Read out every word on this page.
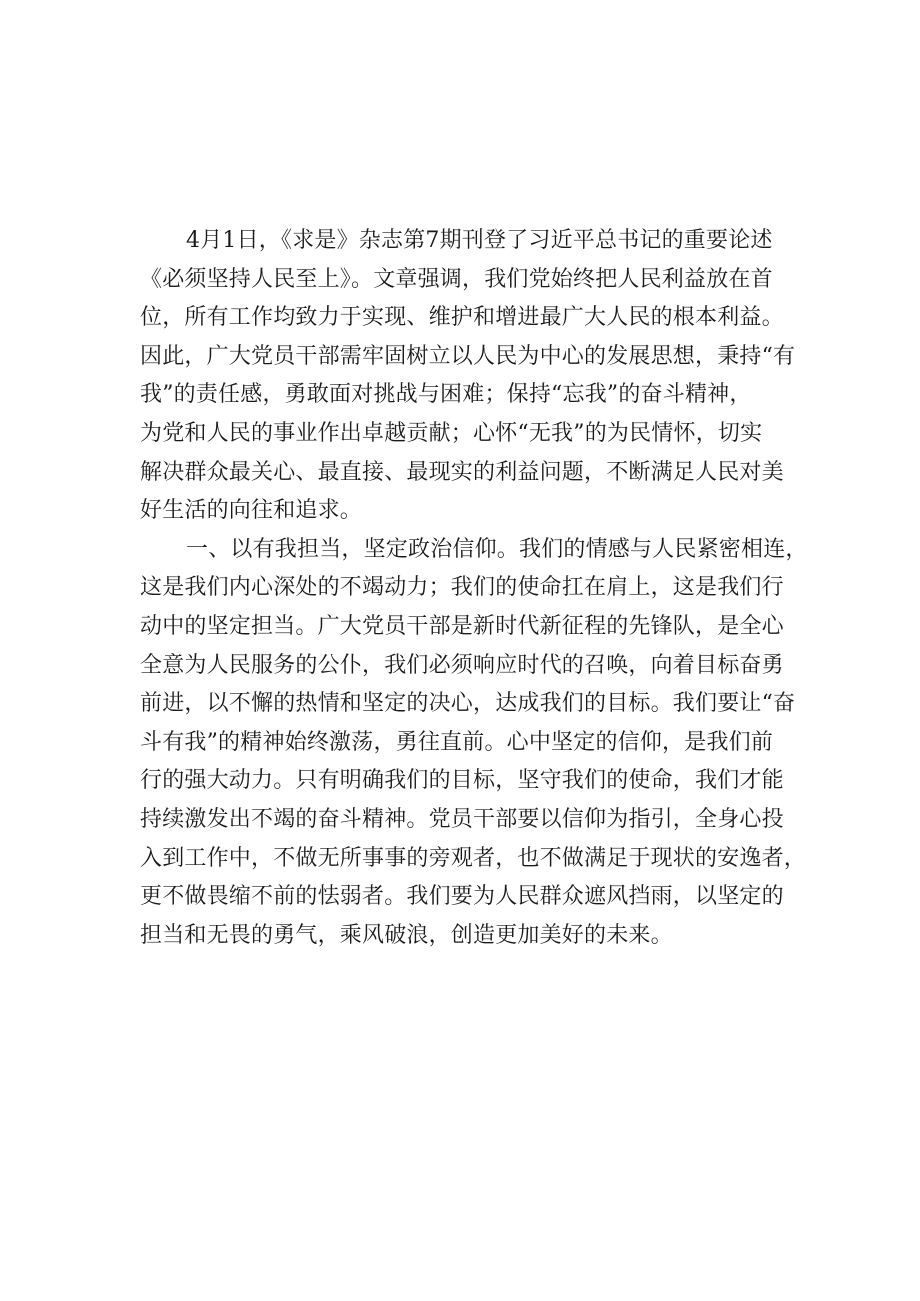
4月1日，《求是》杂志第7期刊登了习近平总书记的重要论述
《必须坚持人民至上》。文章强调，我们党始终把人民利益放在首
位，所有工作均致力于实现、维护和增进最广大人民的根本利益。
因此，广大党员干部需牢固树立以人民为中心的发展思想，秉持“有
我”的责任感，勇敢面对挑战与困难；保持“忘我”的奋斗精神，
为党和人民的事业作出卓越贡献；心怀“无我”的为民情怀，切实
解决群众最关心、最直接、最现实的利益问题，不断满足人民对美
好生活的向往和追求。
一、以有我担当，坚定政治信仰。我们的情感与人民紧密相连，
这是我们内心深处的不竭动力；我们的使命扛在肩上，这是我们行
动中的坚定担当。广大党员干部是新时代新征程的先锋队，是全心
全意为人民服务的公仆，我们必须响应时代的召唤，向着目标奋勇
前进，以不懈的热情和坚定的决心，达成我们的目标。我们要让“奋
斗有我”的精神始终激荡，勇往直前。心中坚定的信仰，是我们前
行的强大动力。只有明确我们的目标，坚守我们的使命，我们才能
持续激发出不竭的奋斗精神。党员干部要以信仰为指引，全身心投
入到工作中，不做无所事事的旁观者，也不做满足于现状的安逸者，
更不做畏缩不前的怯弱者。我们要为人民群众遮风挡雨，以坚定的
担当和无畏的勇气，乘风破浪，创造更加美好的未来。
